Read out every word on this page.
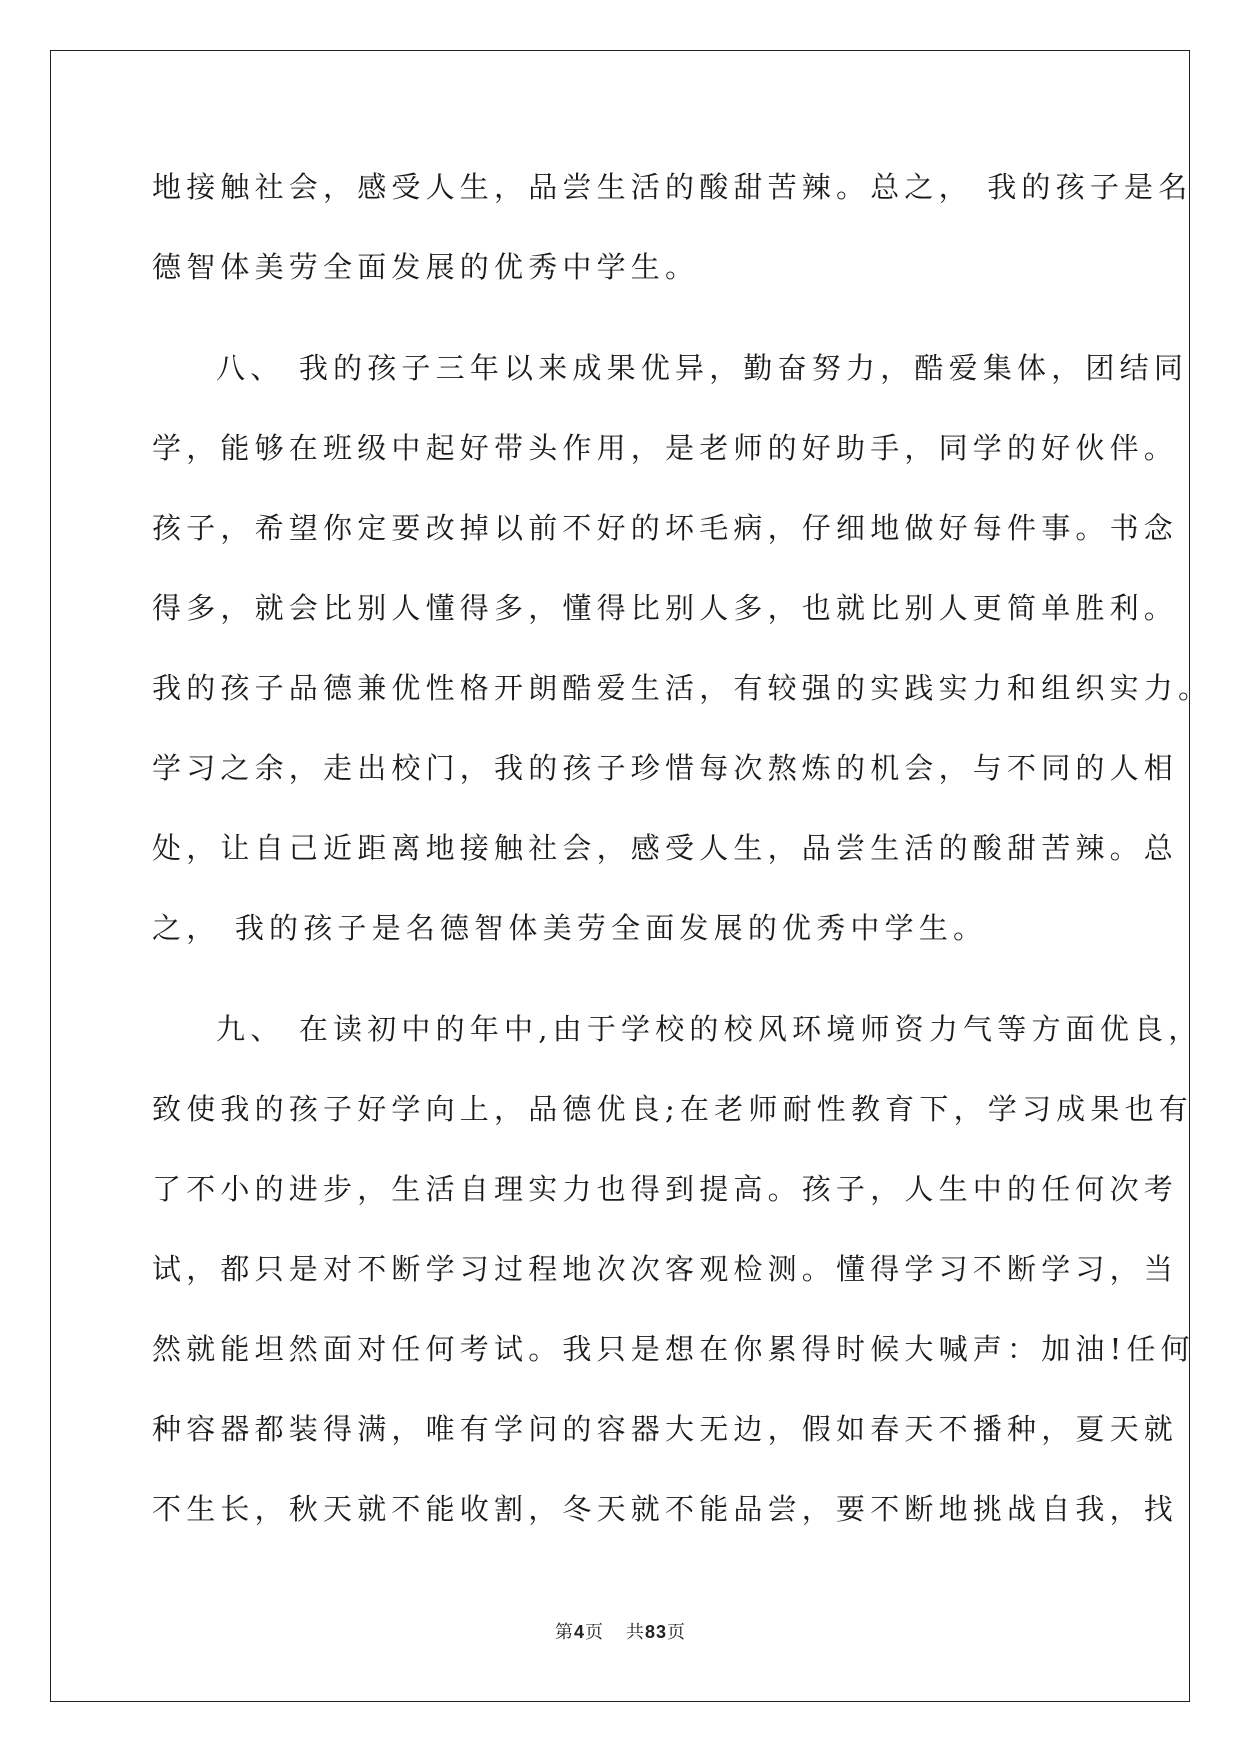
地接触社会，感受人生，品尝生活的酸甜苦辣。总之， 我的孩子是名
德智体美劳全面发展的优秀中学生。
八、 我的孩子三年以来成果优异，勤奋努力，酷爱集体，团结同
学，能够在班级中起好带头作用，是老师的好助手，同学的好伙伴。
孩子，希望你定要改掉以前不好的坏毛病，仔细地做好每件事。书念
得多，就会比别人懂得多，懂得比别人多，也就比别人更简单胜利。
我的孩子品德兼优性格开朗酷爱生活，有较强的实践实力和组织实力。
学习之余，走出校门，我的孩子珍惜每次熬炼的机会，与不同的人相
处，让自己近距离地接触社会，感受人生，品尝生活的酸甜苦辣。总
之， 我的孩子是名德智体美劳全面发展的优秀中学生。
九、 在读初中的年中,由于学校的校风环境师资力气等方面优良，
致使我的孩子好学向上，品德优良;在老师耐性教育下，学习成果也有
了不小的进步，生活自理实力也得到提高。孩子，人生中的任何次考
试，都只是对不断学习过程地次次客观检测。懂得学习不断学习，当
然就能坦然面对任何考试。我只是想在你累得时候大喊声：加油!任何
种容器都装得满，唯有学问的容器大无边，假如春天不播种，夏天就
不生长，秋天就不能收割，冬天就不能品尝，要不断地挑战自我，找
第4页 共83页
